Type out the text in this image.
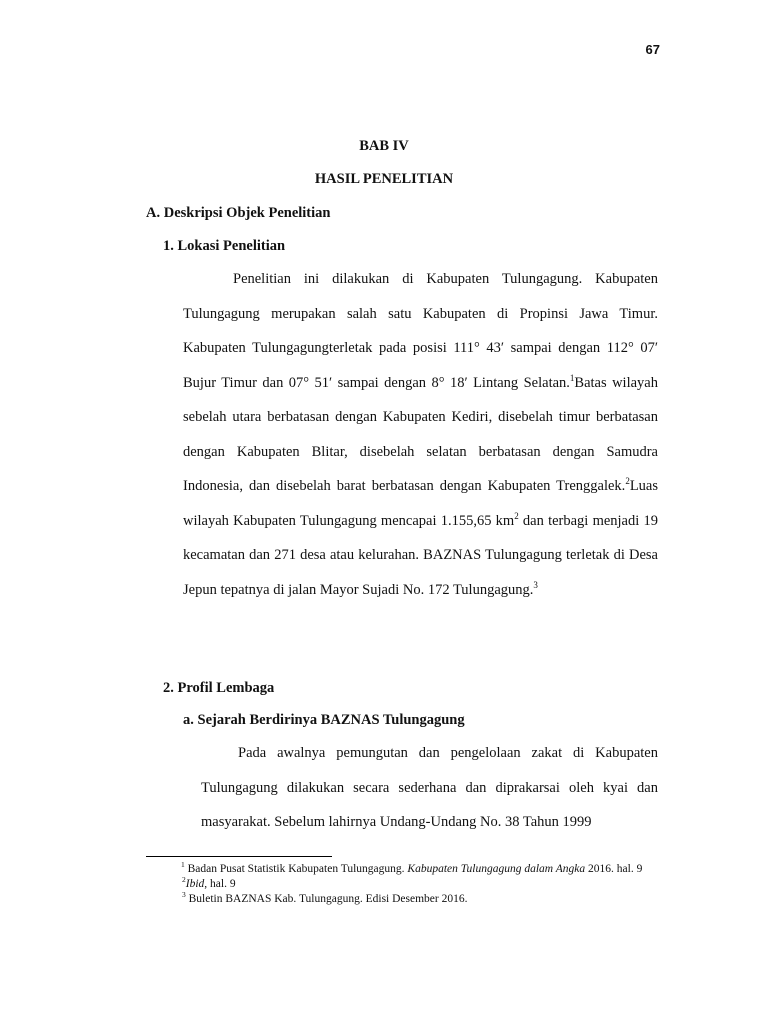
67
BAB IV
HASIL PENELITIAN
A. Deskripsi Objek Penelitian
1. Lokasi Penelitian

Penelitian ini dilakukan di Kabupaten Tulungagung. Kabupaten Tulungagung merupakan salah satu Kabupaten di Propinsi Jawa Timur. Kabupaten Tulungagungterletak pada posisi 111° 43′ sampai dengan 112° 07′ Bujur Timur dan 07° 51′ sampai dengan 8° 18′ Lintang Selatan.$^1$Batas wilayah sebelah utara berbatasan dengan Kabupaten Kediri, disebelah timur berbatasan dengan Kabupaten Blitar, disebelah selatan berbatasan dengan Samudra Indonesia, dan disebelah barat berbatasan dengan Kabupaten Trenggalek.$^2$Luas wilayah Kabupaten Tulungagung mencapai 1.155,65 $km^2$ dan terbagi menjadi 19 kecamatan dan 271 desa atau kelurahan. BAZNAS Tulungagung terletak di Desa Jepun tepatnya di jalan Mayor Sujadi No. 172 Tulungagung.$^3$

2. Profil Lembaga
a. Sejarah Berdirinya BAZNAS Tulungagung

Pada awalnya pemungutan dan pengelolaan zakat di Kabupaten Tulungagung dilakukan secara sederhana dan diprakarsai oleh kyai dan masyarakat. Sebelum lahirnya Undang-Undang No. 38 Tahun 1999

$^1$ Badan Pusat Statistik Kabupaten Tulungagung. Kabupaten Tulungagung dalam Angka 2016. hal. 9

$^2$Ibid, hal. 9

$^3$ Buletin BAZNAS Kab. Tulungagung. Edisi Desember 2016.
